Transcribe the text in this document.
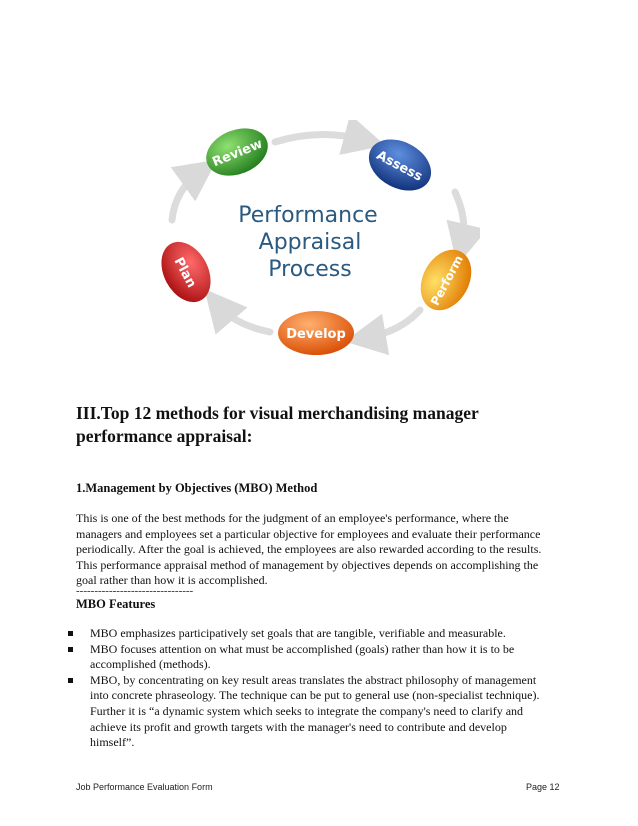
Review	Assess
Perform
Develop
Plan
Performance
Appraisal
Process
III.Top 12 methods for visual merchandising manager performance appraisal:
1.Management by Objectives (MBO) Method

This is one of the best methods for the judgment of an employee's performance, where the
managers and employees set a particular objective for employees and evaluate their performance
periodically. After the goal is achieved, the employees are also rewarded according to the results.
This performance appraisal method of management by objectives depends on accomplishing the
goal rather than how it is accomplished.

--------------------------------
MBO Features
MBO emphasizes participatively set goals that are tangible, verifiable and measurable.
MBO focuses attention on what must be accomplished (goals) rather than how it is to be
accomplished (methods).
MBO, by concentrating on key result areas translates the abstract philosophy of management
into concrete phraseology. The technique can be put to general use (non-specialist technique).
Further it is “a dynamic system which seeks to integrate the company's need to clarify and
achieve its profit and growth targets with the manager's need to contribute and develop
himself”.
Job Performance Evaluation Form	Page 12
